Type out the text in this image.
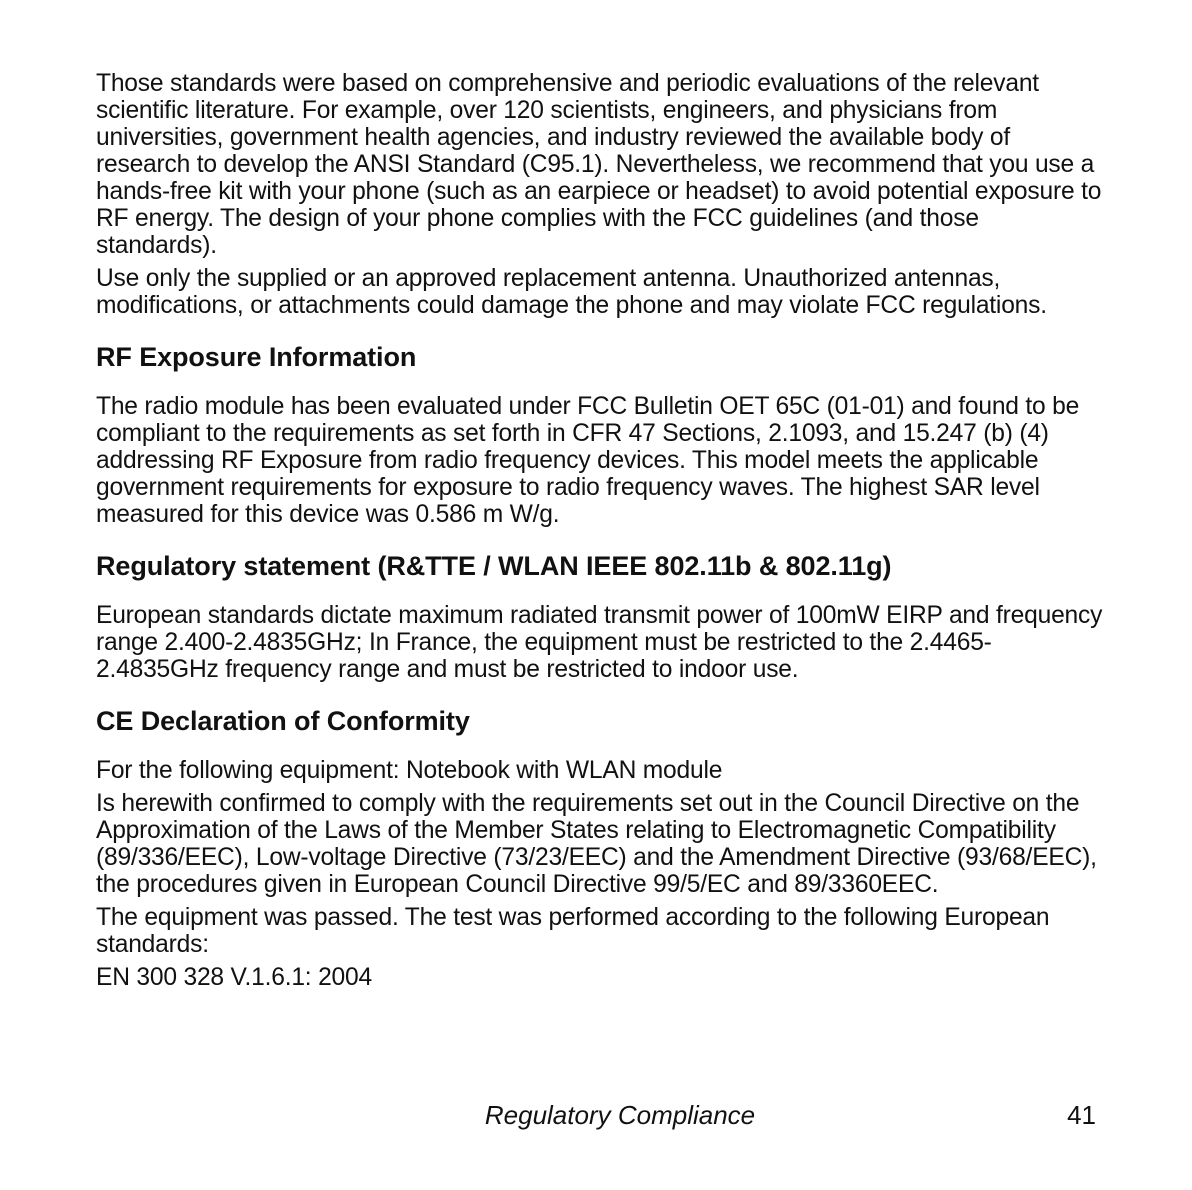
Those standards were based on comprehensive and periodic evaluations of the relevant scientific literature. For example, over 120 scientists, engineers, and physicians from universities, government health agencies, and industry reviewed the available body of research to develop the ANSI Standard (C95.1). Nevertheless, we recommend that you use a hands-free kit with your phone (such as an earpiece or headset) to avoid potential exposure to RF energy. The design of your phone complies with the FCC guidelines (and those standards).

Use only the supplied or an approved replacement antenna. Unauthorized antennas, modifications, or attachments could damage the phone and may violate FCC regulations.

RF Exposure Information

The radio module has been evaluated under FCC Bulletin OET 65C (01-01) and found to be compliant to the requirements as set forth in CFR 47 Sections, 2.1093, and 15.247 (b) (4) addressing RF Exposure from radio frequency devices. This model meets the applicable government requirements for exposure to radio frequency waves. The highest SAR level measured for this device was 0.586 m W/g.

Regulatory statement (R&TTE / WLAN IEEE 802.11b & 802.11g)

European standards dictate maximum radiated transmit power of 100mW EIRP and frequency range 2.400-2.4835GHz; In France, the equipment must be restricted to the 2.4465-2.4835GHz frequency range and must be restricted to indoor use.

CE Declaration of Conformity

For the following equipment: Notebook with WLAN module

Is herewith confirmed to comply with the requirements set out in the Council Directive on the Approximation of the Laws of the Member States relating to Electromagnetic Compatibility (89/336/EEC), Low-voltage Directive (73/23/EEC) and the Amendment Directive (93/68/EEC), the procedures given in European Council Directive 99/5/EC and 89/3360EEC.

The equipment was passed. The test was performed according to the following European standards:

EN 300 328 V.1.6.1: 2004

Regulatory Compliance	41
